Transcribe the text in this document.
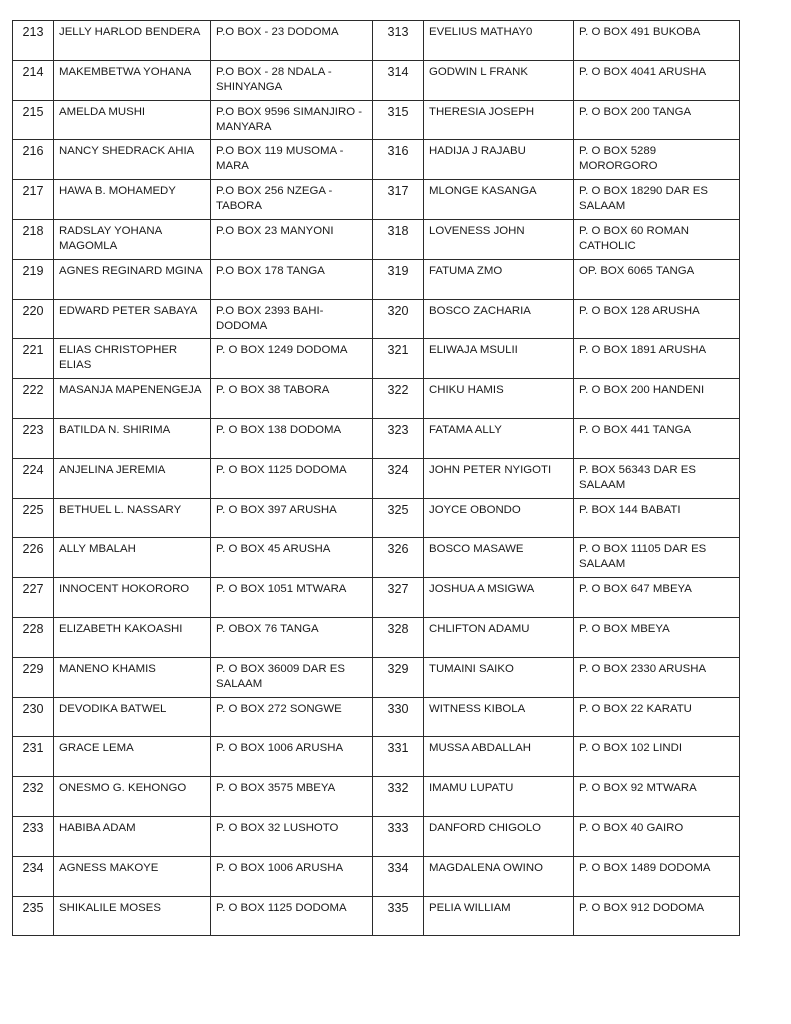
213	JELLY HARLOD BENDERA	P.O BOX - 23 DODOMA	313	EVELIUS MATHAY0	P. O BOX 491 BUKOBA
214	MAKEMBETWA YOHANA	P.O BOX - 28 NDALA - SHINYANGA	314	GODWIN L FRANK	P. O BOX 4041 ARUSHA
215	AMELDA MUSHI	P.O BOX 9596 SIMANJIRO - MANYARA	315	THERESIA JOSEPH	P. O BOX 200 TANGA
216	NANCY SHEDRACK AHIA	P.O BOX 119 MUSOMA - MARA	316	HADIJA J RAJABU	P. O BOX 5289 MORORGORO
217	HAWA B. MOHAMEDY	P.O BOX 256 NZEGA - TABORA	317	MLONGE KASANGA	P. O BOX 18290 DAR ES SALAAM
218	RADSLAY YOHANA MAGOMLA	P.O BOX 23 MANYONI	318	LOVENESS JOHN	P. O BOX 60 ROMAN CATHOLIC
219	AGNES REGINARD MGINA	P.O BOX 178 TANGA	319	FATUMA ZMO	OP. BOX 6065 TANGA
220	EDWARD PETER SABAYA	P.O BOX 2393 BAHI-DODOMA	320	BOSCO ZACHARIA	P. O BOX 128 ARUSHA
221	ELIAS CHRISTOPHER ELIAS	P. O BOX 1249 DODOMA	321	ELIWAJA MSULII	P. O BOX 1891 ARUSHA
222	MASANJA MAPENENGEJA	P. O BOX 38 TABORA	322	CHIKU HAMIS	P. O BOX 200 HANDENI
223	BATILDA N. SHIRIMA	P. O BOX 138 DODOMA	323	FATAMA ALLY	P. O BOX 441 TANGA
224	ANJELINA JEREMIA	P. O BOX 1125 DODOMA	324	JOHN PETER NYIGOTI	P. BOX 56343 DAR ES SALAAM
225	BETHUEL L. NASSARY	P. O BOX 397 ARUSHA	325	JOYCE OBONDO	P. BOX 144 BABATI
226	ALLY MBALAH	P. O BOX 45 ARUSHA	326	BOSCO MASAWE	P. O BOX 11105 DAR ES SALAAM
227	INNOCENT HOKORORO	P. O BOX 1051 MTWARA	327	JOSHUA A MSIGWA	P. O BOX 647 MBEYA
228	ELIZABETH KAKOASHI	P. OBOX 76 TANGA	328	CHLIFTON ADAMU	P. O BOX MBEYA
229	MANENO KHAMIS	P. O BOX 36009 DAR ES SALAAM	329	TUMAINI SAIKO	P. O BOX 2330 ARUSHA
230	DEVODIKA BATWEL	P. O BOX 272 SONGWE	330	WITNESS KIBOLA	P. O BOX 22 KARATU
231	GRACE LEMA	P. O BOX 1006 ARUSHA	331	MUSSA ABDALLAH	P. O BOX 102 LINDI
232	ONESMO G. KEHONGO	P. O BOX 3575 MBEYA	332	IMAMU LUPATU	P. O BOX 92 MTWARA
233	HABIBA ADAM	P. O BOX 32 LUSHOTO	333	DANFORD CHIGOLO	P. O BOX 40 GAIRO
234	AGNESS MAKOYE	P. O BOX 1006 ARUSHA	334	MAGDALENA OWINO	P. O BOX 1489 DODOMA
235	SHIKALILE MOSES	P. O BOX 1125 DODOMA	335	PELIA WILLIAM	P. O BOX 912 DODOMA
